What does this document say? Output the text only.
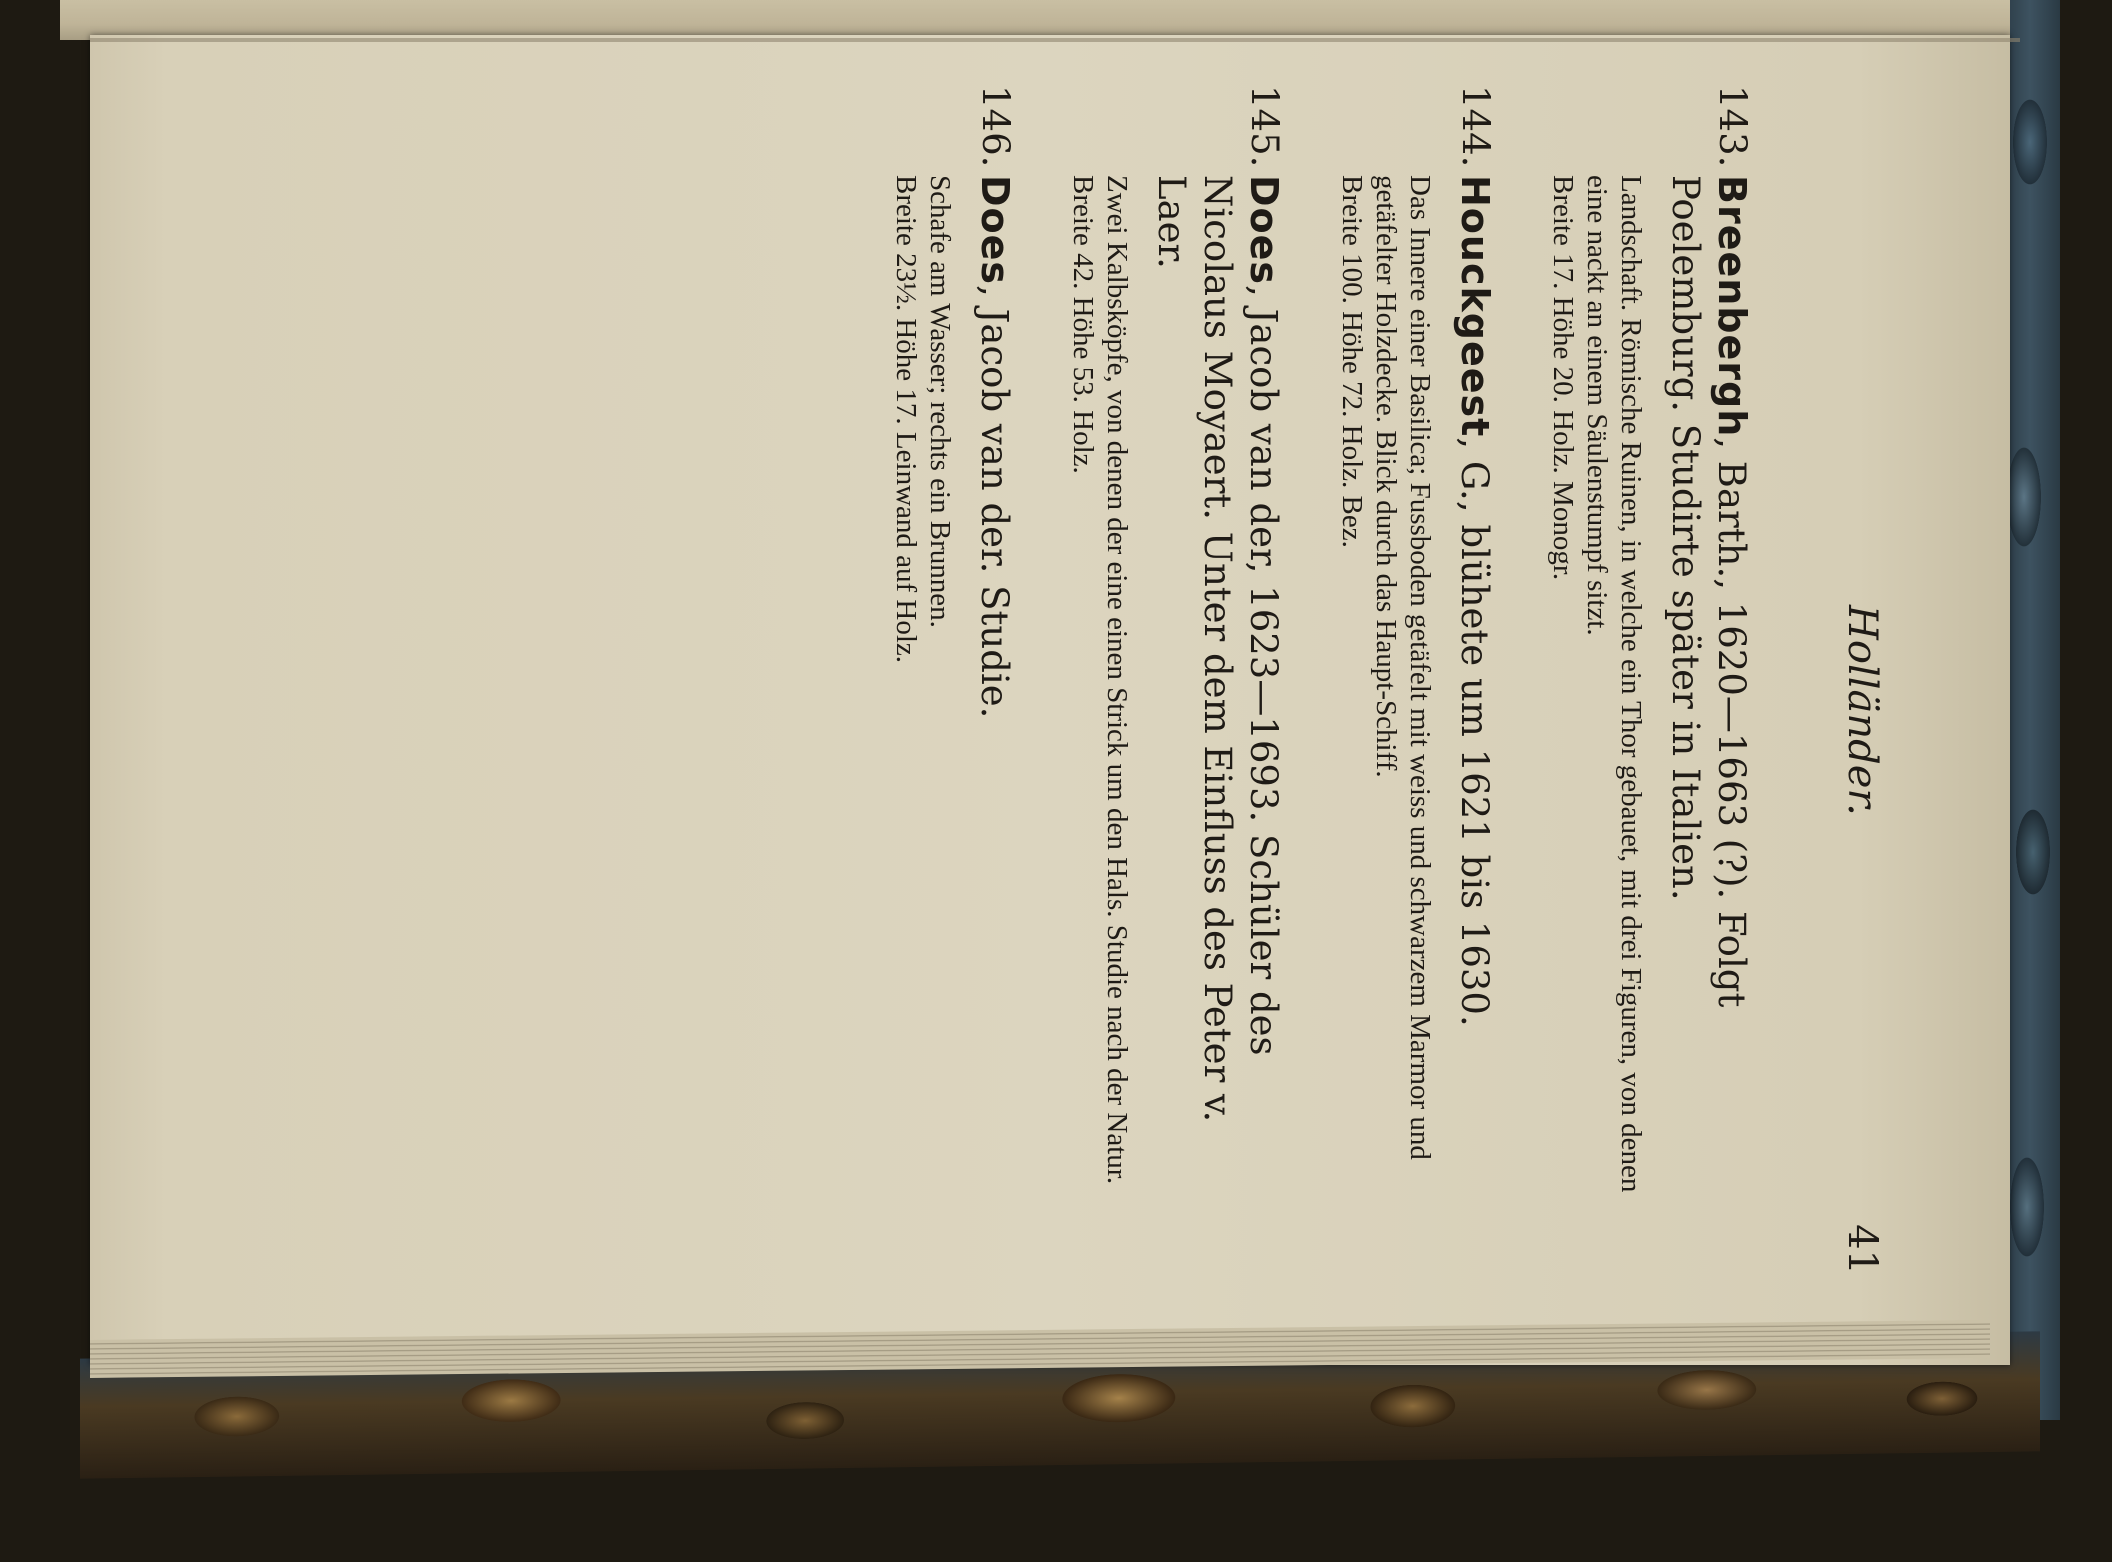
Holländer.
41
143.
Breenbergh, Barth., 1620—1663 (?). Folgt Poelemburg. Studirte später in Italien.
Landschaft. Römische Ruinen, in welche ein Thor gebauet, mit drei Figuren, von denen eine nackt an einem Säulenstumpf sitzt.
Breite 17. Höhe 20. Holz. Monogr.
144.
Houckgeest, G., blühete um 1621 bis 1630.
Das Innere einer Basilica; Fussboden getäfelt mit weiss und schwarzem Marmor und getäfelter Holzdecke. Blick durch das Haupt-Schiff.
Breite 100. Höhe 72. Holz. Bez.
145.
Does, Jacob van der, 1623—1693. Schüler des Nicolaus Moyaert. Unter dem Einfluss des Peter v. Laer.
Zwei Kalbsköpfe, von denen der eine einen Strick um den Hals. Studie nach der Natur.
Breite 42. Höhe 53. Holz.
146.
Does, Jacob van der. Studie.
Schafe am Wasser; rechts ein Brunnen.
Breite 23½. Höhe 17. Leinwand auf Holz.
